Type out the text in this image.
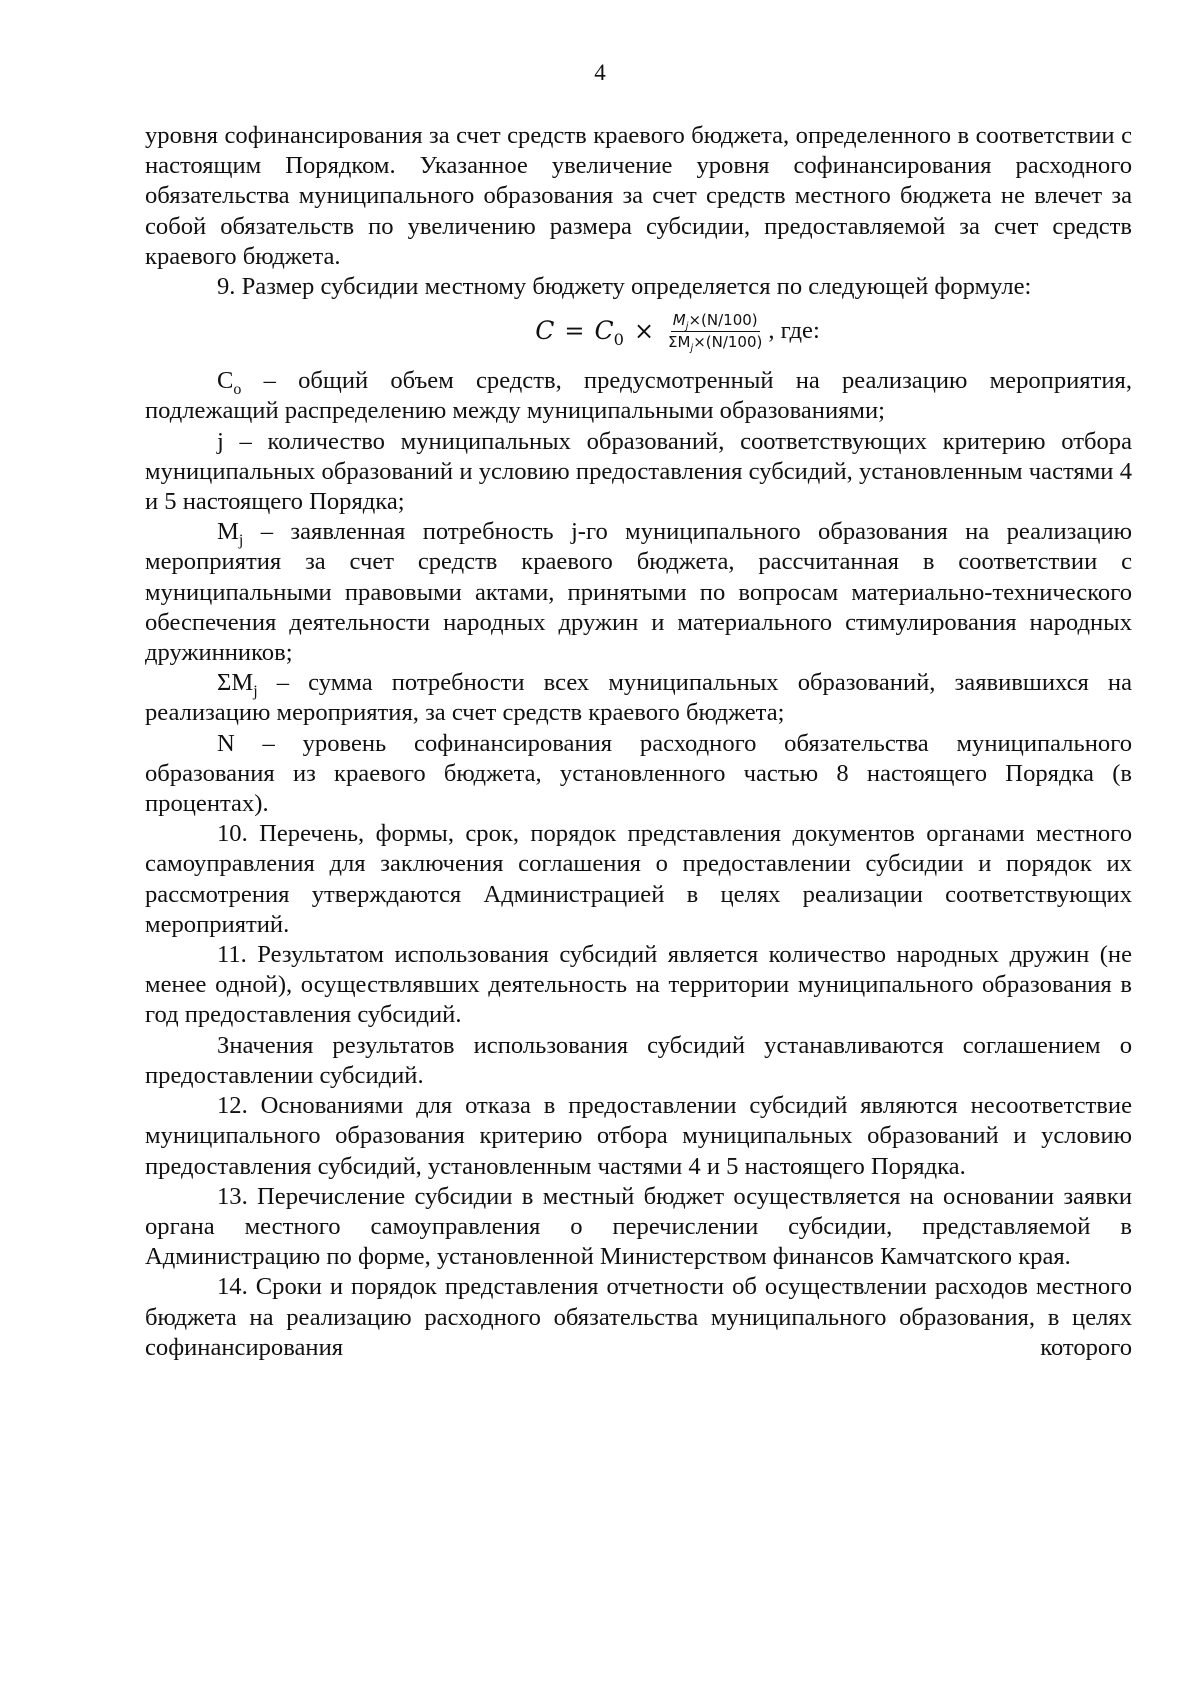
4

уровня софинансирования за счет средств краевого бюджета, определенного в соответствии с настоящим Порядком. Указанное увеличение уровня софинансирования расходного обязательства муниципального образования за счет средств местного бюджета не влечет за собой обязательств по увеличению размера субсидии, предоставляемой за счет средств краевого бюджета.

9. Размер субсидии местному бюджету определяется по следующей формуле:

$C = C_0 \times \frac{M_j\times(N/100)}{\Sigma M_j\times(N/100)}$ , где:

$C_о$ – общий объем средств, предусмотренный на реализацию мероприятия, подлежащий распределению между муниципальными образованиями;

j – количество муниципальных образований, соответствующих критерию отбора муниципальных образований и условию предоставления субсидий, установленным частями 4 и 5 настоящего Порядка;

$M_j$ – заявленная потребность j-го муниципального образования на реализацию мероприятия за счет средств краевого бюджета, рассчитанная в соответствии с муниципальными правовыми актами, принятыми по вопросам материально-технического обеспечения деятельности народных дружин и материального стимулирования народных дружинников;

$\Sigma M_j$ – сумма потребности всех муниципальных образований, заявившихся на реализацию мероприятия, за счет средств краевого бюджета;

N – уровень софинансирования расходного обязательства муниципального образования из краевого бюджета, установленного частью 8 настоящего Порядка (в процентах).

10. Перечень, формы, срок, порядок представления документов органами местного самоуправления для заключения соглашения о предоставлении субсидии и порядок их рассмотрения утверждаются Администрацией в целях реализации соответствующих мероприятий.

11. Результатом использования субсидий является количество народных дружин (не менее одной), осуществлявших деятельность на территории муниципального образования в год предоставления субсидий.

Значения результатов использования субсидий устанавливаются соглашением о предоставлении субсидий.

12. Основаниями для отказа в предоставлении субсидий являются несоответствие муниципального образования критерию отбора муниципальных образований и условию предоставления субсидий, установленным частями 4 и 5 настоящего Порядка.

13. Перечисление субсидии в местный бюджет осуществляется на основании заявки органа местного самоуправления о перечислении субсидии, представляемой в Администрацию по форме, установленной Министерством финансов Камчатского края.

14. Сроки и порядок представления отчетности об осуществлении расходов местного бюджета на реализацию расходного обязательства муниципального образования, в целях софинансирования которого
